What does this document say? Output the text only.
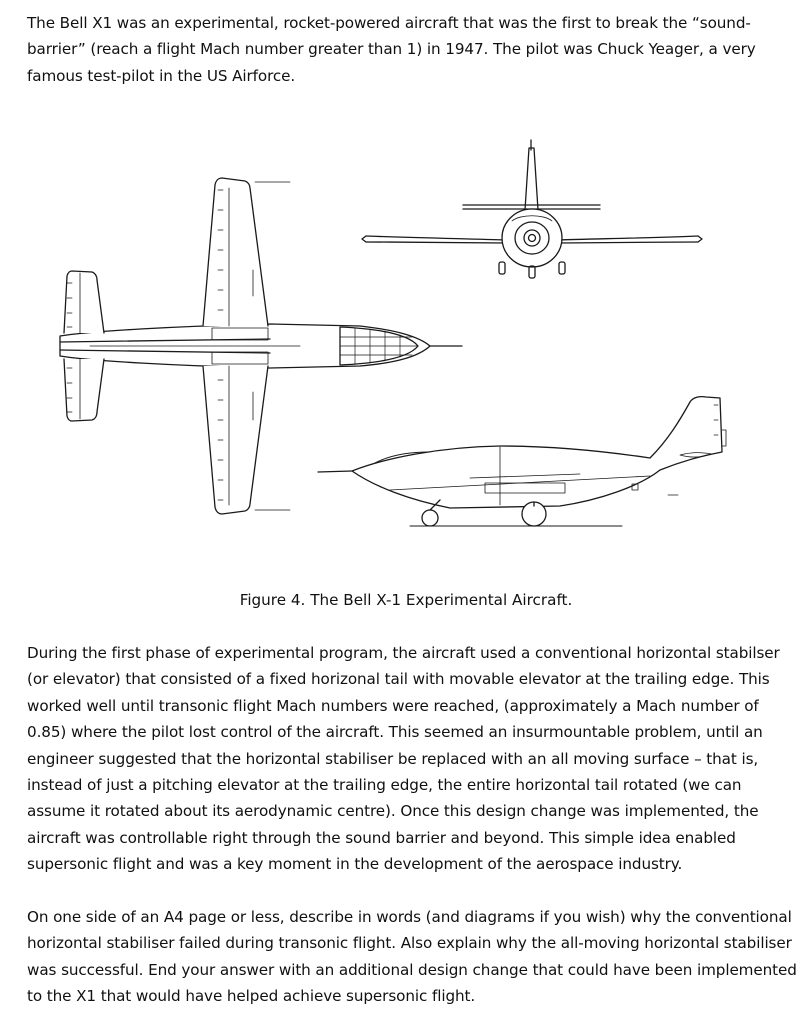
The Bell X1 was an experimental, rocket-powered aircraft that was the first to break the “sound-barrier” (reach a flight Mach number greater than 1) in 1947. The pilot was Chuck Yeager, a very famous test-pilot in the US Airforce.

Figure 4. The Bell X-1 Experimental Aircraft.

During the first phase of experimental program, the aircraft used a conventional horizontal stabilser (or elevator) that consisted of a fixed horizonal tail with movable elevator at the trailing edge. This worked well until transonic flight Mach numbers were reached, (approximately a Mach number of 0.85) where the pilot lost control of the aircraft. This seemed an insurmountable problem, until an engineer suggested that the horizontal stabiliser be replaced with an all moving surface – that is, instead of just a pitching elevator at the trailing edge, the entire horizontal tail rotated (we can assume it rotated about its aerodynamic centre). Once this design change was implemented, the aircraft was controllable right through the sound barrier and beyond. This simple idea enabled supersonic flight and was a key moment in the development of the aerospace industry.

On one side of an A4 page or less, describe in words (and diagrams if you wish) why the conventional horizontal stabiliser failed during transonic flight. Also explain why the all-moving horizontal stabiliser was successful. End your answer with an additional design change that could have been implemented to the X1 that would have helped achieve supersonic flight.
